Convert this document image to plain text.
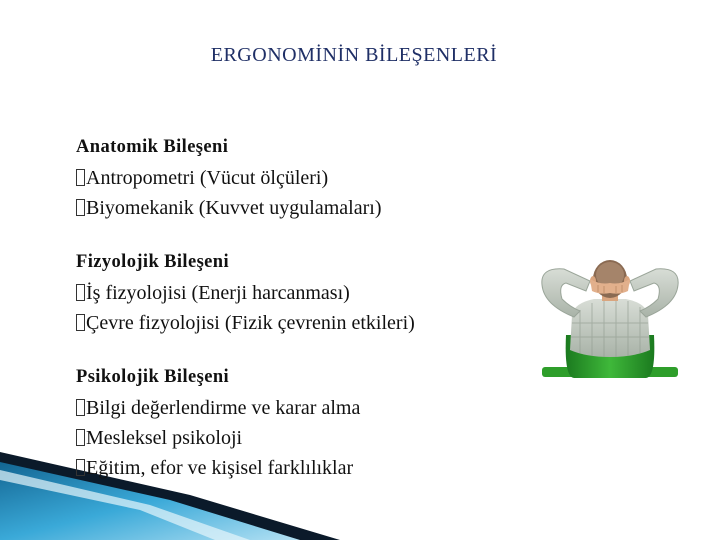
ERGONOMİNİN BİLEŞENLERİ
Anatomik Bileşeni
Antropometri (Vücut ölçüleri)
Biyomekanik (Kuvvet uygulamaları)
Fizyolojik Bileşeni
İş fizyolojisi (Enerji harcanması)
Çevre fizyolojisi (Fizik çevrenin etkileri)
Psikolojik Bileşeni
Bilgi değerlendirme ve karar alma
Mesleksel psikoloji
Eğitim, efor ve kişisel farklılıklar
